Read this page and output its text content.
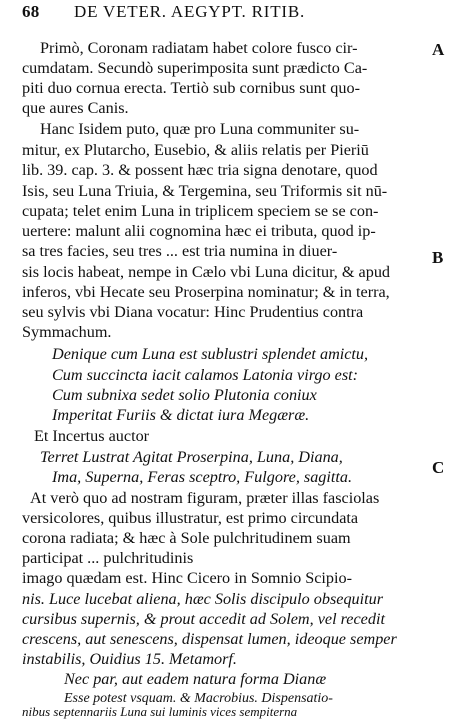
68 DE VETER. AEGYPT. RITIB.
A
B
C
Primò, Coronam radiatam habet colore fusco cir-
cumdatam. Secundò superimposita sunt prædicto Ca-
piti duo cornua erecta. Tertiò sub cornibus sunt quo-
que aures Canis.
Hanc Isidem puto, quæ pro Luna communiter su-
mitur, ex Plutarcho, Eusebio, & aliis relatis per Pieriū
lib. 39. cap. 3. & possent hæc tria signa denotare, quod
Isis, seu Luna Triuia, & Tergemina, seu Triformis sit nū-
cupata; telet enim Luna in triplicem speciem se se con-
uertere: malunt alii cognomina hæc ei tributa, quod ip-
sa tres facies, seu tres ... est tria numina in diuer-
sis locis habeat, nempe in Cælo vbi Luna dicitur, & apud
inferos, vbi Hecate seu Proserpina nominatur; & in terra,
seu sylvis vbi Diana vocatur: Hinc Prudentius contra
Symmachum.
Denique cum Luna est sublustri splendet amictu,
Cum succincta iacit calamos Latonia virgo est:
Cum subnixa sedet solio Plutonia coniux
Imperitat Furiis & dictat iura Megæræ.
Et Incertus auctor
Terret Lustrat Agitat Proserpina, Luna, Diana,
Ima, Superna, Feras sceptro, Fulgore, sagitta.
At verò quo ad nostram figuram, præter illas fasciolas
versicolores, quibus illustratur, est primo circundata
corona radiata; & hæc à Sole pulchritudinem suam
participat ... pulchritudinis
imago quædam est. Hinc Cicero in Somnio Scipio-
nis. Luce lucebat aliena, hæc Solis discipulo obsequitur
cursibus supernis, & prout accedit ad Solem, vel recedit
crescens, aut senescens, dispensat lumen, ideoque semper
instabilis, Ouidius 15. Metamorf.
Nec par, aut eadem natura forma Dianæ
Esse potest vsquam. & Macrobius. Dispensatio-
nibus septennariis Luna sui luminis vices sempiterna
